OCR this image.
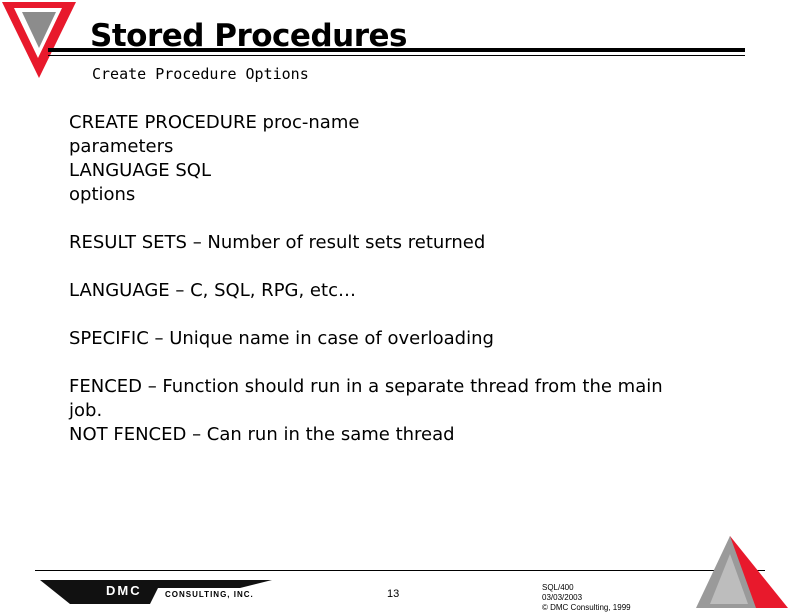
Stored Procedures
Create Procedure Options
CREATE PROCEDURE proc-name
parameters
LANGUAGE SQL
options
RESULT SETS – Number of result sets returned
LANGUAGE – C, SQL, RPG, etc…
SPECIFIC – Unique name in case of overloading
FENCED – Function should run in a separate thread from the main
job.
NOT FENCED – Can run in the same thread
DMC	CONSULTING, INC.	13
SQL/400
03/03/2003
© DMC Consulting, 1999
